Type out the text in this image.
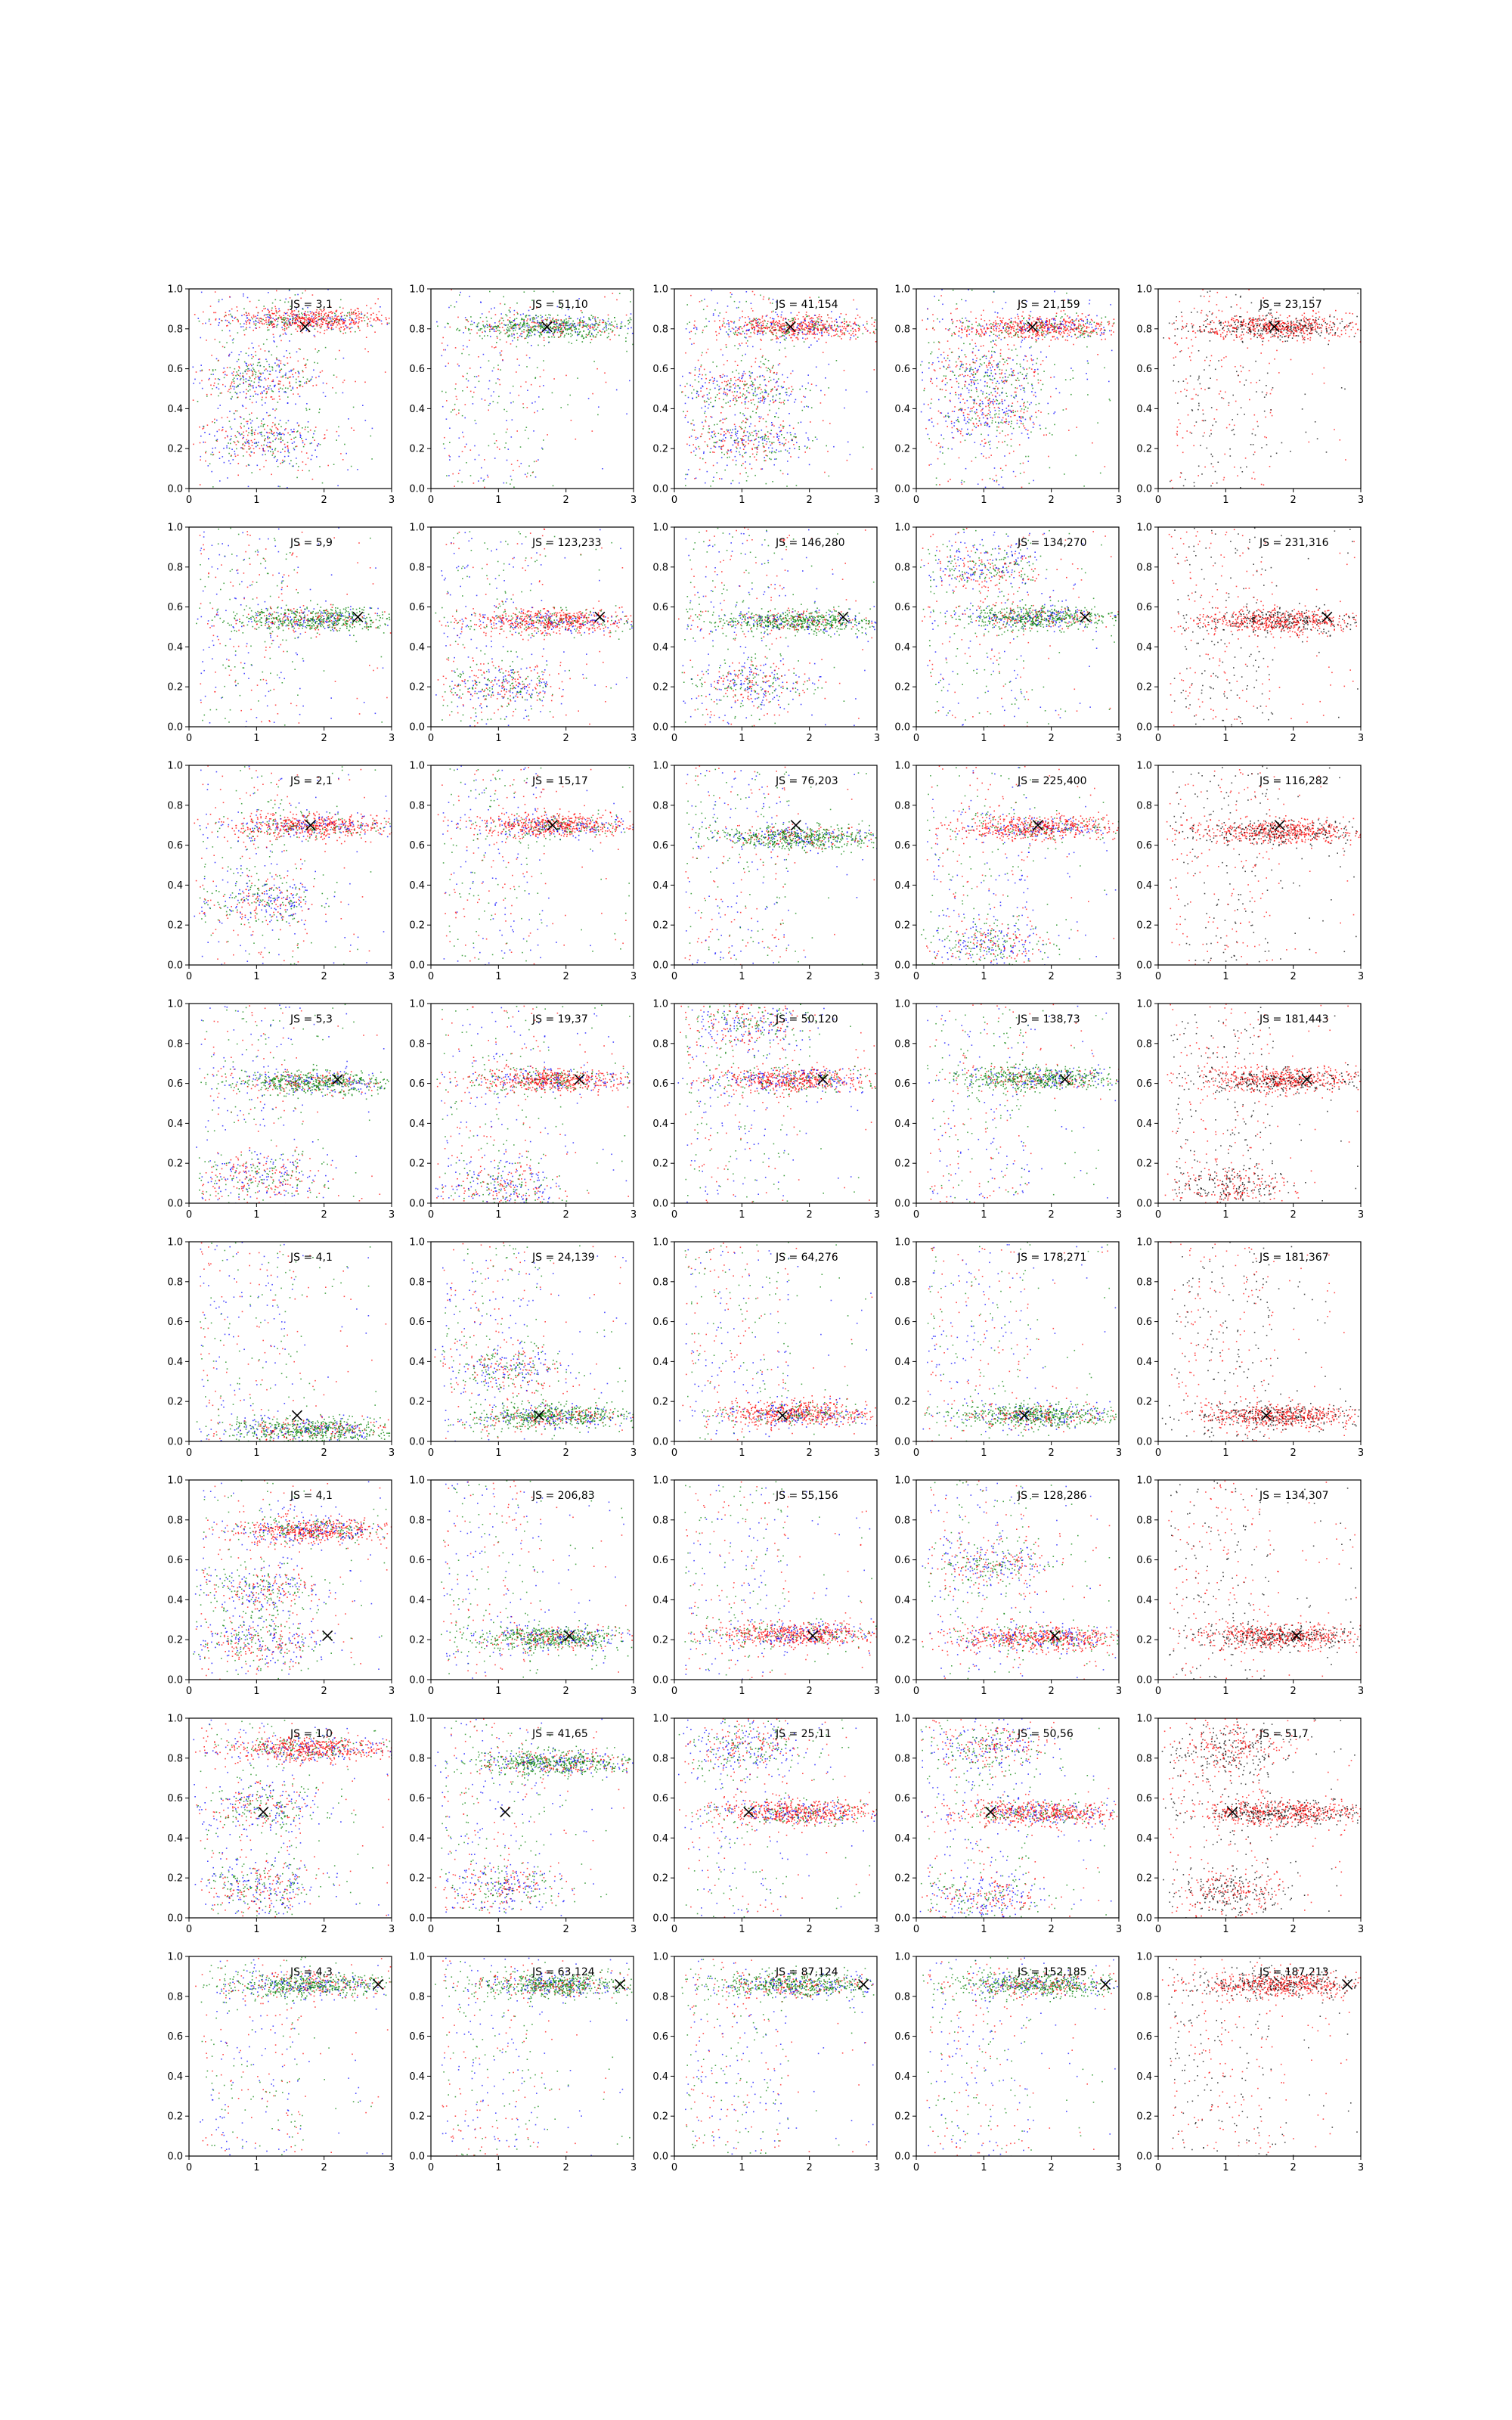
0	1	2	3
0.0
0.2
0.4
0.6
0.8
1.0
JS = 3,1
0	1	2	3
0.0
0.2
0.4
0.6
0.8
1.0
JS = 51,10
0	1	2	3
0.0
0.2
0.4
0.6
0.8
1.0
JS = 41,154
0	1	2	3
0.0
0.2
0.4
0.6
0.8
1.0
JS = 21,159
0	1	2	3
0.0
0.2
0.4
0.6
0.8
1.0
JS = 23,157
0	1	2	3
0.0
0.2
0.4
0.6
0.8
1.0
JS = 5,9
0	1	2	3
0.0
0.2
0.4
0.6
0.8
1.0
JS = 123,233
0	1	2	3
0.0
0.2
0.4
0.6
0.8
1.0
JS = 146,280
0	1	2	3
0.0
0.2
0.4
0.6
0.8
1.0
JS = 134,270
0	1	2	3
0.0
0.2
0.4
0.6
0.8
1.0
JS = 231,316
0	1	2	3
0.0
0.2
0.4
0.6
0.8
1.0
JS = 2,1
0	1	2	3
0.0
0.2
0.4
0.6
0.8
1.0
JS = 15,17
0	1	2	3
0.0
0.2
0.4
0.6
0.8
1.0
JS = 76,203
0	1	2	3
0.0
0.2
0.4
0.6
0.8
1.0
JS = 225,400
0	1	2	3
0.0
0.2
0.4
0.6
0.8
1.0
JS = 116,282
0	1	2	3
0.0
0.2
0.4
0.6
0.8
1.0
JS = 5,3
0	1	2	3
0.0
0.2
0.4
0.6
0.8
1.0
JS = 19,37
0	1	2	3
0.0
0.2
0.4
0.6
0.8
1.0
JS = 50,120
0	1	2	3
0.0
0.2
0.4
0.6
0.8
1.0
JS = 138,73
0	1	2	3
0.0
0.2
0.4
0.6
0.8
1.0
JS = 181,443
0	1	2	3
0.0
0.2
0.4
0.6
0.8
1.0
JS = 4,1
0	1	2	3
0.0
0.2
0.4
0.6
0.8
1.0
JS = 24,139
0	1	2	3
0.0
0.2
0.4
0.6
0.8
1.0
JS = 64,276
0	1	2	3
0.0
0.2
0.4
0.6
0.8
1.0
JS = 178,271
0	1	2	3
0.0
0.2
0.4
0.6
0.8
1.0
JS = 181,367
0	1	2	3
0.0
0.2
0.4
0.6
0.8
1.0
JS = 4,1
0	1	2	3
0.0
0.2
0.4
0.6
0.8
1.0
JS = 206,83
0	1	2	3
0.0
0.2
0.4
0.6
0.8
1.0
JS = 55,156
0	1	2	3
0.0
0.2
0.4
0.6
0.8
1.0
JS = 128,286
0	1	2	3
0.0
0.2
0.4
0.6
0.8
1.0
JS = 134,307
0	1	2	3
0.0
0.2
0.4
0.6
0.8
1.0
JS = 1,0
0	1	2	3
0.0
0.2
0.4
0.6
0.8
1.0
JS = 41,65
0	1	2	3
0.0
0.2
0.4
0.6
0.8
1.0
JS = 25,11
0	1	2	3
0.0
0.2
0.4
0.6
0.8
1.0
JS = 50,56
0	1	2	3
0.0
0.2
0.4
0.6
0.8
1.0
JS = 51,7
0	1	2	3
0.0
0.2
0.4
0.6
0.8
1.0
JS = 4,3
0	1	2	3
0.0
0.2
0.4
0.6
0.8
1.0
JS = 63,124
0	1	2	3
0.0
0.2
0.4
0.6
0.8
1.0
JS = 87,124
0	1	2	3
0.0
0.2
0.4
0.6
0.8
1.0
JS = 152,185
0	1	2	3
0.0
0.2
0.4
0.6
0.8
1.0
JS = 187,213
